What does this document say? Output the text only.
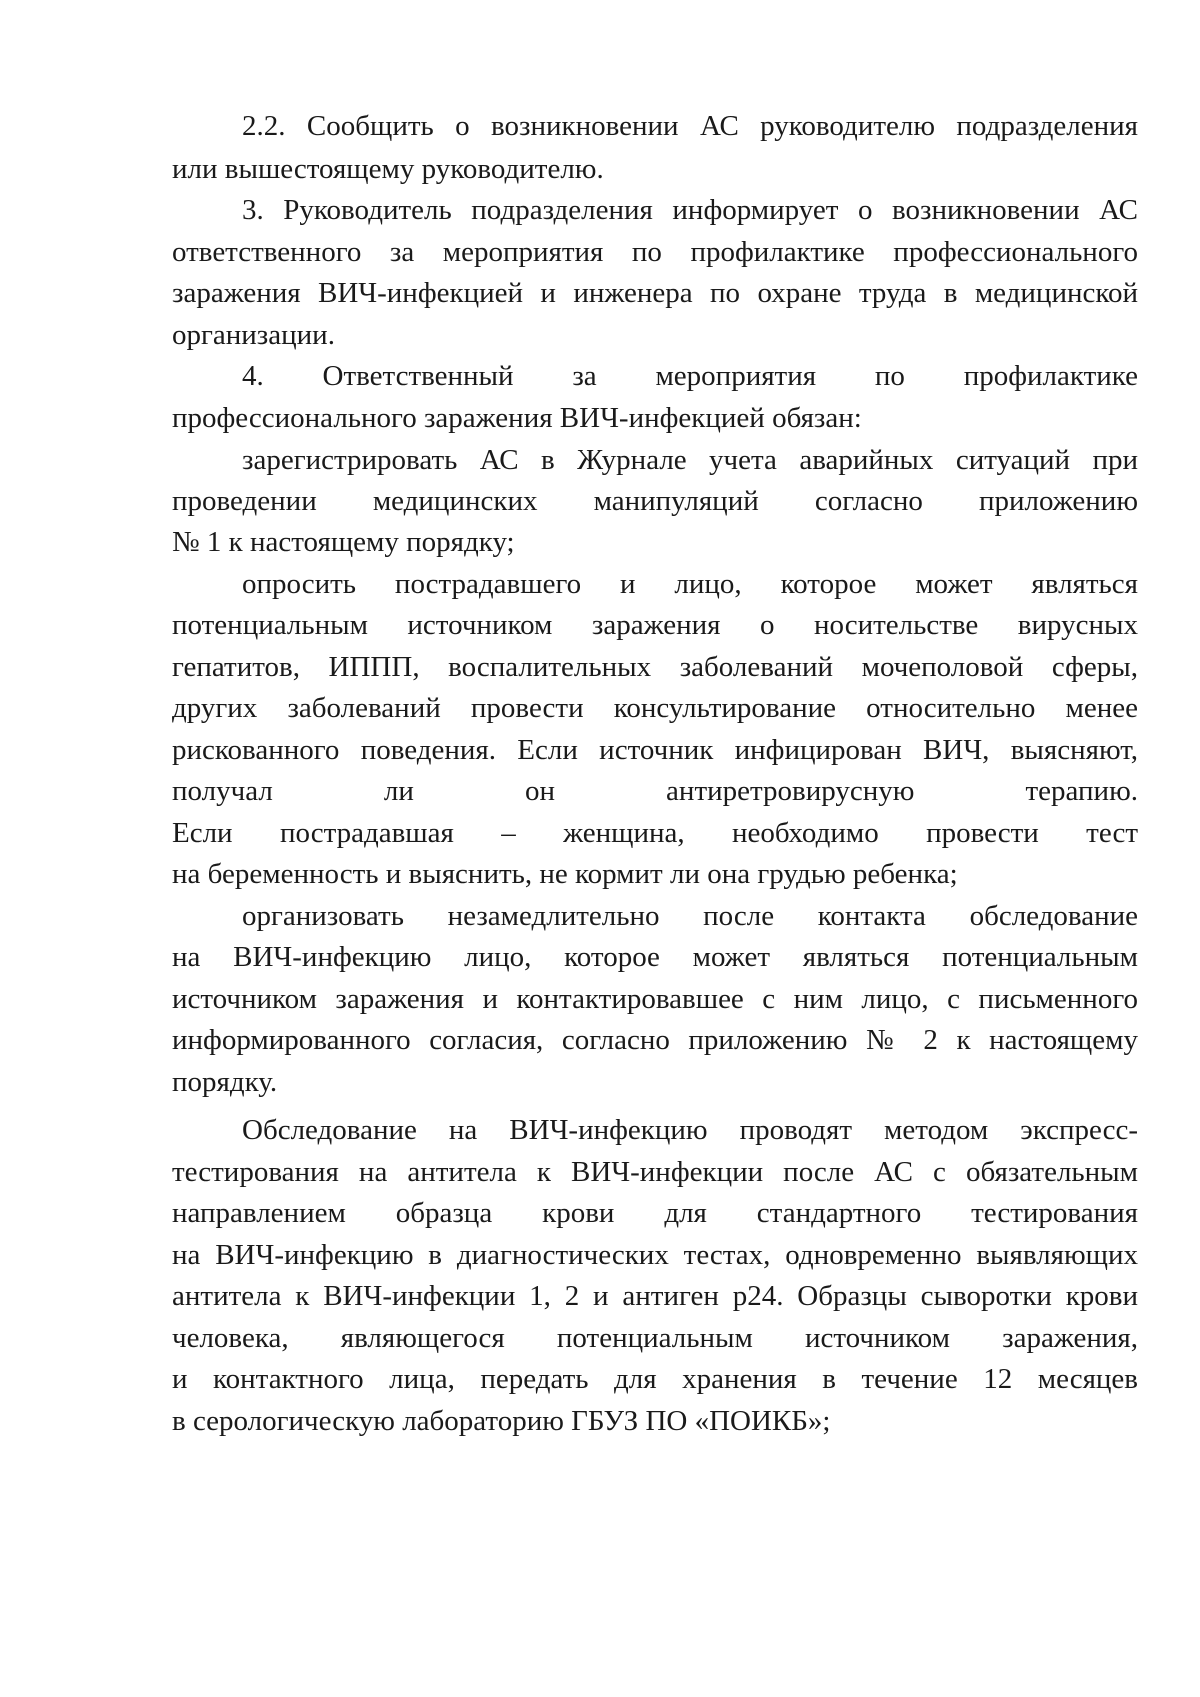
2.2. Сообщить о возникновении АС руководителю подразделения
или вышестоящему руководителю.
3. Руководитель подразделения информирует о возникновении АС
ответственного за мероприятия по профилактике профессионального
заражения ВИЧ-инфекцией и инженера по охране труда в медицинской
организации.
4. Ответственный за мероприятия по профилактике
профессионального заражения ВИЧ-инфекцией обязан:
зарегистрировать АС в Журнале учета аварийных ситуаций при
проведении медицинских манипуляций согласно приложению
№ 1 к настоящему порядку;
опросить пострадавшего и лицо, которое может являться
потенциальным источником заражения о носительстве вирусных
гепатитов, ИППП, воспалительных заболеваний мочеполовой сферы,
других заболеваний провести консультирование относительно менее
рискованного поведения. Если источник инфицирован ВИЧ, выясняют,
получал ли он антиретровирусную терапию.
Если пострадавшая – женщина, необходимо провести тест
на беременность и выяснить, не кормит ли она грудью ребенка;
организовать незамедлительно после контакта обследование
на ВИЧ-инфекцию лицо, которое может являться потенциальным
источником заражения и контактировавшее с ним лицо, с письменного
информированного согласия, согласно приложению № 2 к настоящему
порядку.
Обследование на ВИЧ-инфекцию проводят методом экспресс-
тестирования на антитела к ВИЧ-инфекции после АС с обязательным
направлением образца крови для стандартного тестирования
на ВИЧ-инфекцию в диагностических тестах, одновременно выявляющих
антитела к ВИЧ-инфекции 1, 2 и антиген р24. Образцы сыворотки крови
человека, являющегося потенциальным источником заражения,
и контактного лица, передать для хранения в течение 12 месяцев
в серологическую лабораторию ГБУЗ ПО «ПОИКБ»;
